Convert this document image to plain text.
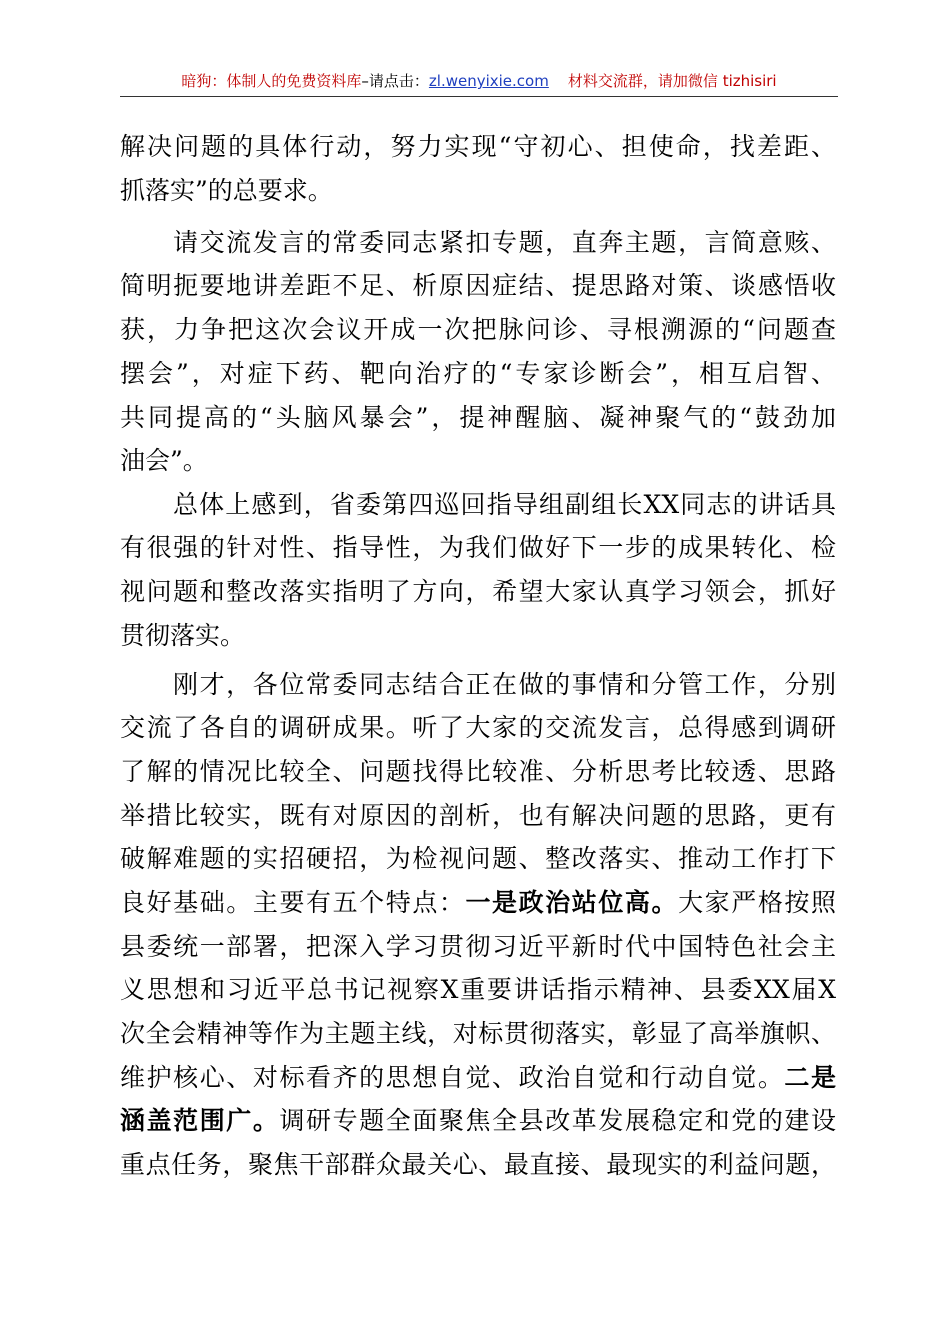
暗狗：体制人的免费资料库–请点击：zl.wenyixie.com 材料交流群，请加微信 tizhisiri
解决问题的具体行动，努力实现“守初心、担使命，找差距、
抓落实”的总要求。
请交流发言的常委同志紧扣专题，直奔主题，言简意赅、
简明扼要地讲差距不足、析原因症结、提思路对策、谈感悟收
获，力争把这次会议开成一次把脉问诊、寻根溯源的“问题查
摆会”，对症下药、靶向治疗的“专家诊断会”，相互启智、
共同提高的“头脑风暴会”，提神醒脑、凝神聚气的“鼓劲加
油会”。
总体上感到，省委第四巡回指导组副组长XX同志的讲话具
有很强的针对性、指导性，为我们做好下一步的成果转化、检
视问题和整改落实指明了方向，希望大家认真学习领会，抓好
贯彻落实。
刚才，各位常委同志结合正在做的事情和分管工作，分别
交流了各自的调研成果。听了大家的交流发言，总得感到调研
了解的情况比较全、问题找得比较准、分析思考比较透、思路
举措比较实，既有对原因的剖析，也有解决问题的思路，更有
破解难题的实招硬招，为检视问题、整改落实、推动工作打下
良好基础。主要有五个特点：一是政治站位高。大家严格按照
县委统一部署，把深入学习贯彻习近平新时代中国特色社会主
义思想和习近平总书记视察X重要讲话指示精神、县委XX届X
次全会精神等作为主题主线，对标贯彻落实，彰显了高举旗帜、
维护核心、对标看齐的思想自觉、政治自觉和行动自觉。二是
涵盖范围广。调研专题全面聚焦全县改革发展稳定和党的建设
重点任务，聚焦干部群众最关心、最直接、最现实的利益问题，
